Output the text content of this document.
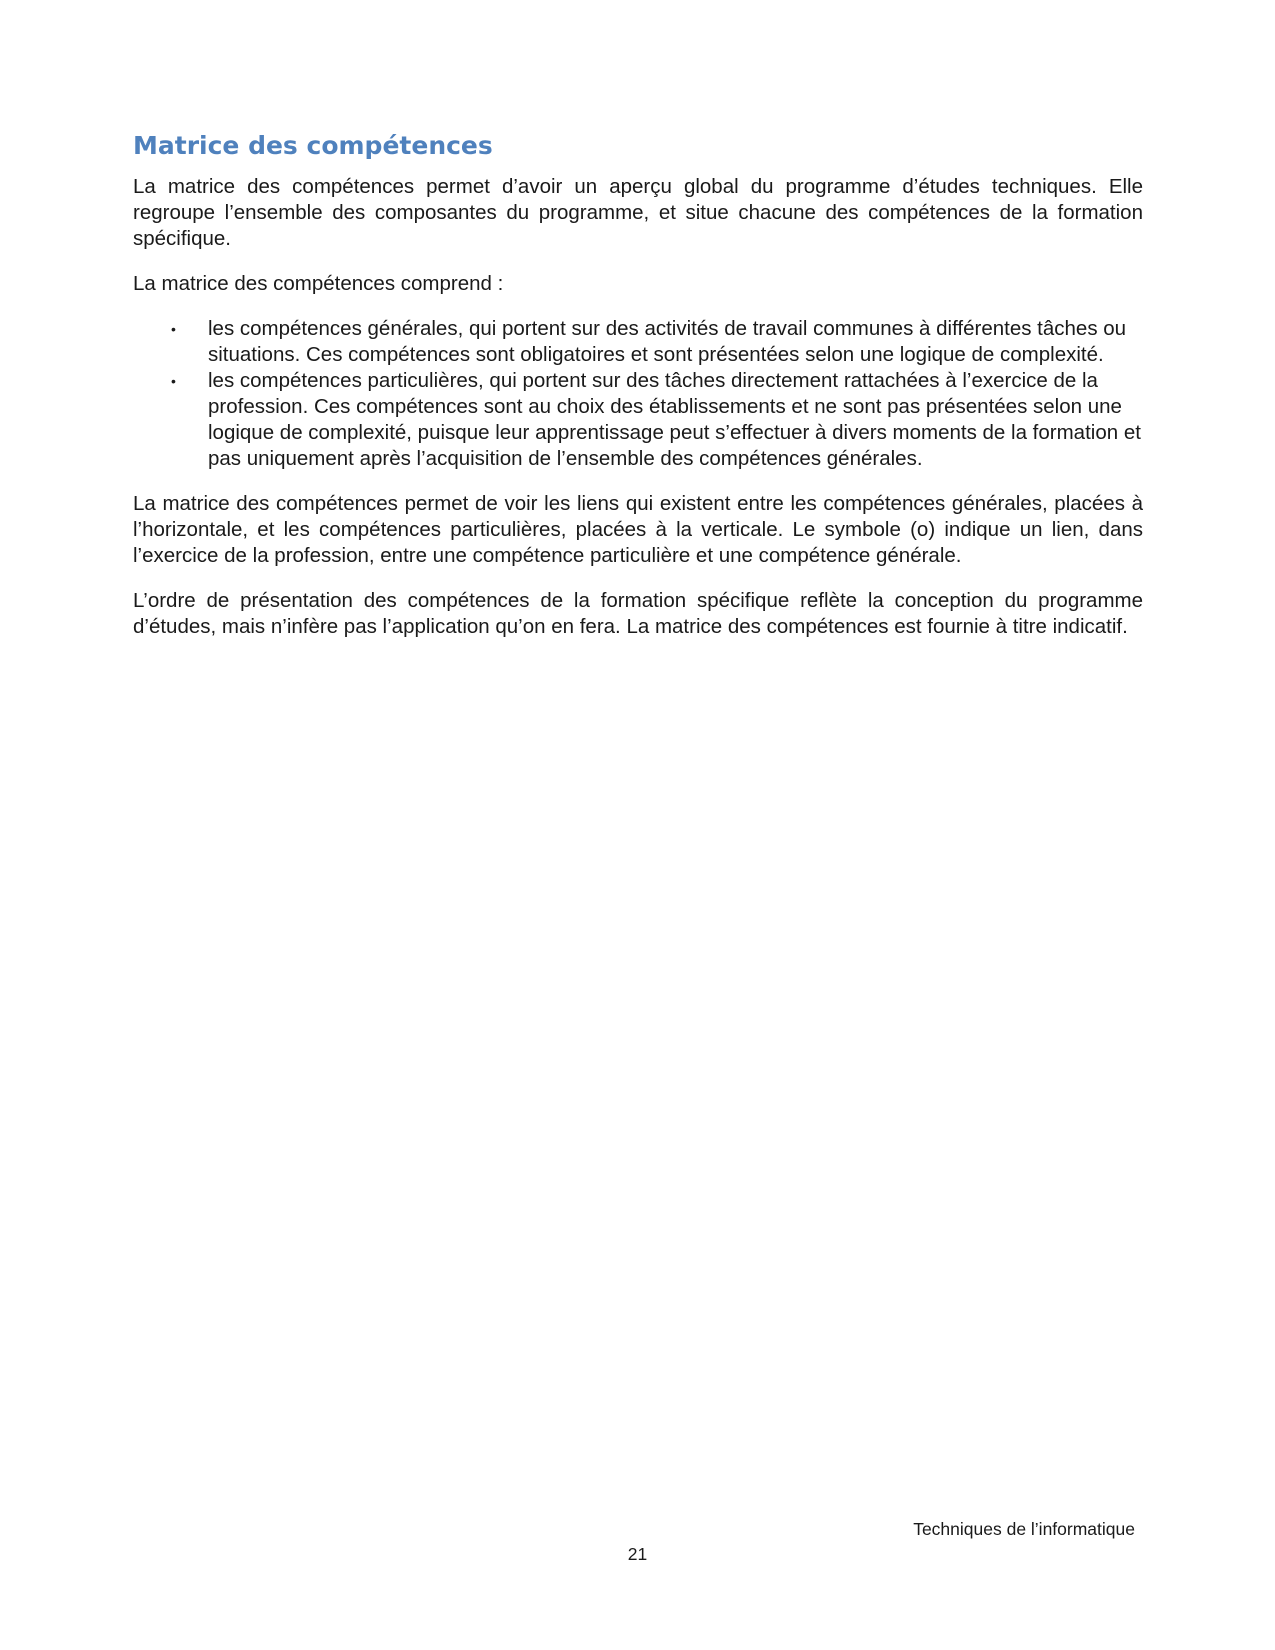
Matrice des compétences

La matrice des compétences permet d’avoir un aperçu global du programme d’études techniques. Elle regroupe l’ensemble des composantes du programme, et situe chacune des compétences de la formation spécifique.

La matrice des compétences comprend :

• les compétences générales, qui portent sur des activités de travail communes à différentes tâches ou situations. Ces compétences sont obligatoires et sont présentées selon une logique de complexité.
• les compétences particulières, qui portent sur des tâches directement rattachées à l’exercice de la profession. Ces compétences sont au choix des établissements et ne sont pas présentées selon une logique de complexité, puisque leur apprentissage peut s’effectuer à divers moments de la formation et pas uniquement après l’acquisition de l’ensemble des compétences générales.

La matrice des compétences permet de voir les liens qui existent entre les compétences générales, placées à l’horizontale, et les compétences particulières, placées à la verticale. Le symbole (o) indique un lien, dans l’exercice de la profession, entre une compétence particulière et une compétence générale.

L’ordre de présentation des compétences de la formation spécifique reflète la conception du programme d’études, mais n’infère pas l’application qu’on en fera. La matrice des compétences est fournie à titre indicatif.

Techniques de l’informatique
21
